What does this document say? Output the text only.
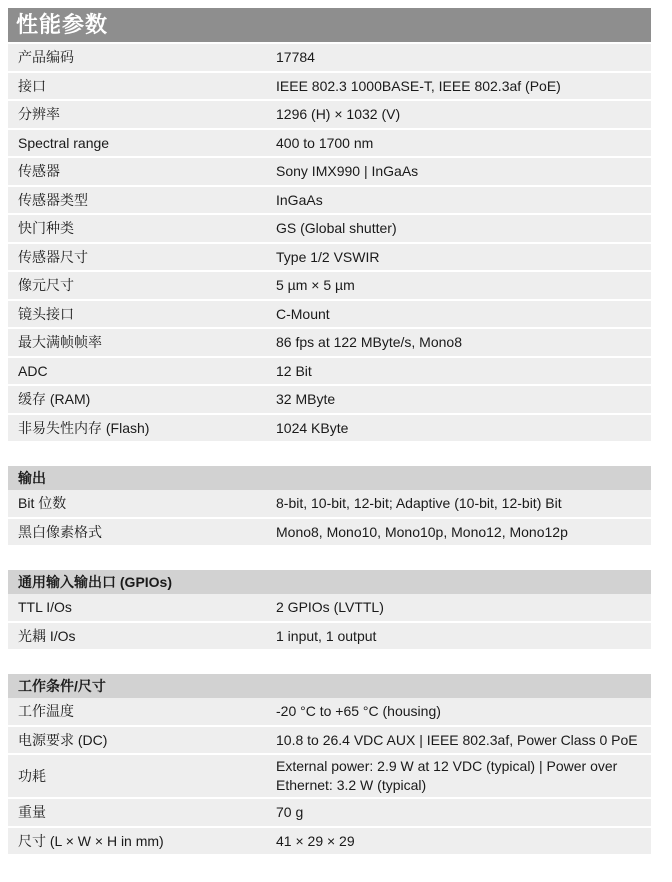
性能参数
产品编码	17784
接口	IEEE 802.3 1000BASE-T, IEEE 802.3af (PoE)
分辨率	1296 (H) × 1032 (V)
Spectral range	400 to 1700 nm
传感器	Sony IMX990 | InGaAs
传感器类型	InGaAs
快门种类	GS (Global shutter)
传感器尺寸	Type 1/2 VSWIR
像元尺寸	5 µm × 5 µm
镜头接口	C-Mount
最大满帧帧率	86 fps at 122 MByte/s, Mono8
ADC	12 Bit
缓存 (RAM)	32 MByte
非易失性内存 (Flash)	1024 KByte

输出	
Bit 位数	8-bit, 10-bit, 12-bit; Adaptive (10-bit, 12-bit) Bit
黑白像素格式	Mono8, Mono10, Mono10p, Mono12, Mono12p

通用输入输出口 (GPIOs)	
TTL I/Os	2 GPIOs (LVTTL)
光耦 I/Os	1 input, 1 output

工作条件/尺寸	
工作温度	-20 °C to +65 °C (housing)
电源要求 (DC)	10.8 to 26.4 VDC AUX | IEEE 802.3af, Power Class 0 PoE
功耗	External power: 2.9 W at 12 VDC (typical) | Power over Ethernet: 3.2 W (typical)
重量	70 g
尺寸 (L × W × H in mm)	41 × 29 × 29
